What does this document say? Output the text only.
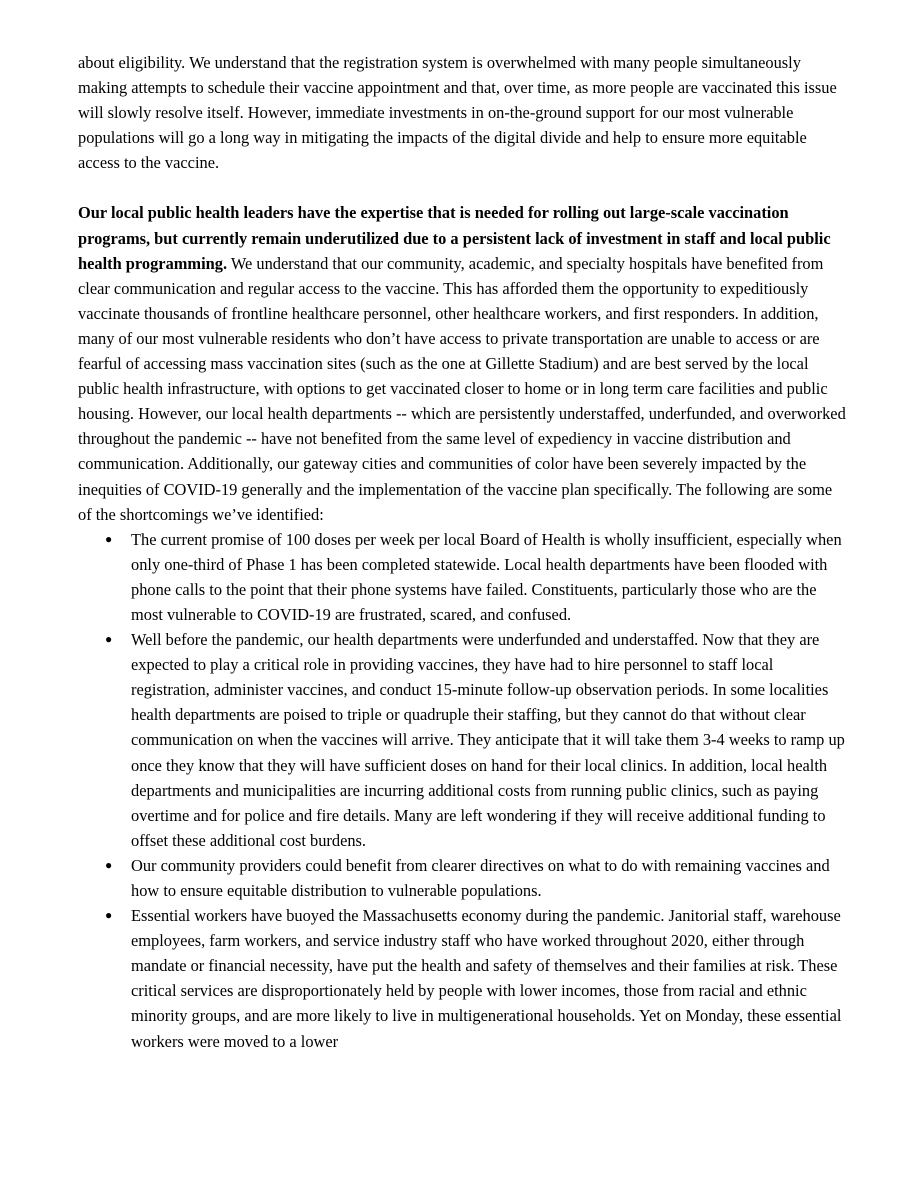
about eligibility. We understand that the registration system is overwhelmed with many people simultaneously making attempts to schedule their vaccine appointment and that, over time, as more people are vaccinated this issue will slowly resolve itself. However, immediate investments in on-the-ground support for our most vulnerable populations will go a long way in mitigating the impacts of the digital divide and help to ensure more equitable access to the vaccine.

Our local public health leaders have the expertise that is needed for rolling out large-scale vaccination programs, but currently remain underutilized due to a persistent lack of investment in staff and local public health programming. We understand that our community, academic, and specialty hospitals have benefited from clear communication and regular access to the vaccine. This has afforded them the opportunity to expeditiously vaccinate thousands of frontline healthcare personnel, other healthcare workers, and first responders. In addition, many of our most vulnerable residents who don’t have access to private transportation are unable to access or are fearful of accessing mass vaccination sites (such as the one at Gillette Stadium) and are best served by the local public health infrastructure, with options to get vaccinated closer to home or in long term care facilities and public housing. However, our local health departments -- which are persistently understaffed, underfunded, and overworked throughout the pandemic -- have not benefited from the same level of expediency in vaccine distribution and communication. Additionally, our gateway cities and communities of color have been severely impacted by the inequities of COVID-19 generally and the implementation of the vaccine plan specifically. The following are some of the shortcomings we’ve identified:

● The current promise of 100 doses per week per local Board of Health is wholly insufficient, especially when only one-third of Phase 1 has been completed statewide. Local health departments have been flooded with phone calls to the point that their phone systems have failed. Constituents, particularly those who are the most vulnerable to COVID-19 are frustrated, scared, and confused.
● Well before the pandemic, our health departments were underfunded and understaffed. Now that they are expected to play a critical role in providing vaccines, they have had to hire personnel to staff local registration, administer vaccines, and conduct 15-minute follow-up observation periods. In some localities health departments are poised to triple or quadruple their staffing, but they cannot do that without clear communication on when the vaccines will arrive. They anticipate that it will take them 3-4 weeks to ramp up once they know that they will have sufficient doses on hand for their local clinics. In addition, local health departments and municipalities are incurring additional costs from running public clinics, such as paying overtime and for police and fire details. Many are left wondering if they will receive additional funding to offset these additional cost burdens.
● Our community providers could benefit from clearer directives on what to do with remaining vaccines and how to ensure equitable distribution to vulnerable populations.
● Essential workers have buoyed the Massachusetts economy during the pandemic. Janitorial staff, warehouse employees, farm workers, and service industry staff who have worked throughout 2020, either through mandate or financial necessity, have put the health and safety of themselves and their families at risk. These critical services are disproportionately held by people with lower incomes, those from racial and ethnic minority groups, and are more likely to live in multigenerational households. Yet on Monday, these essential workers were moved to a lower
